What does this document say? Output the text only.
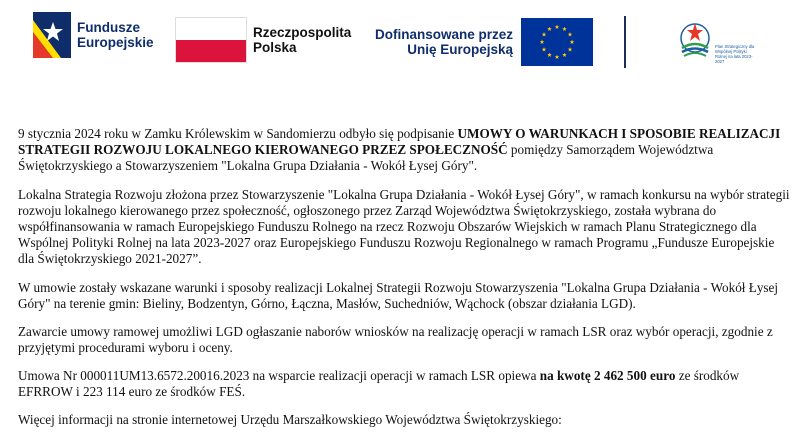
Fundusze
Europejskie
Rzeczpospolita
Polska
Dofinansowane przez
Unię Europejską	Plan Strategiczny dla Wspólnej Polityki Rolnej na lata 2023-2027

9 stycznia 2024 roku w Zamku Królewskim w Sandomierzu odbyło się podpisanie UMOWY O WARUNKACH I SPOSOBIE REALIZACJI STRATEGII ROZWOJU LOKALNEGO KIEROWANEGO PRZEZ SPOŁECZNOŚĆ pomiędzy Samorządem Województwa Świętokrzyskiego a Stowarzyszeniem "Lokalna Grupa Działania - Wokół Łysej Góry".

Lokalna Strategia Rozwoju złożona przez Stowarzyszenie "Lokalna Grupa Działania - Wokół Łysej Góry", w ramach konkursu na wybór strategii rozwoju lokalnego kierowanego przez społeczność, ogłoszonego przez Zarząd Województwa Świętokrzyskiego, została wybrana do współfinansowania w ramach Europejskiego Funduszu Rolnego na rzecz Rozwoju Obszarów Wiejskich w ramach Planu Strategicznego dla Wspólnej Polityki Rolnej na lata 2023-2027 oraz Europejskiego Funduszu Rozwoju Regionalnego w ramach Programu „Fundusze Europejskie dla Świętokrzyskiego 2021-2027”.

W umowie zostały wskazane warunki i sposoby realizacji Lokalnej Strategii Rozwoju Stowarzyszenia "Lokalna Grupa Działania - Wokół Łysej Góry" na terenie gmin: Bieliny, Bodzentyn, Górno, Łączna, Masłów, Suchedniów, Wąchock (obszar działania LGD).

Zawarcie umowy ramowej umożliwi LGD ogłaszanie naborów wniosków na realizację operacji w ramach LSR oraz wybór operacji, zgodnie z przyjętymi procedurami wyboru i oceny.

Umowa Nr 000011UM13.6572.20016.2023 na wsparcie realizacji operacji w ramach LSR opiewa na kwotę 2 462 500 euro ze środków EFRROW i 223 114 euro ze środków FEŚ.

Więcej informacji na stronie internetowej Urzędu Marszałkowskiego Województwa Świętokrzyskiego:
